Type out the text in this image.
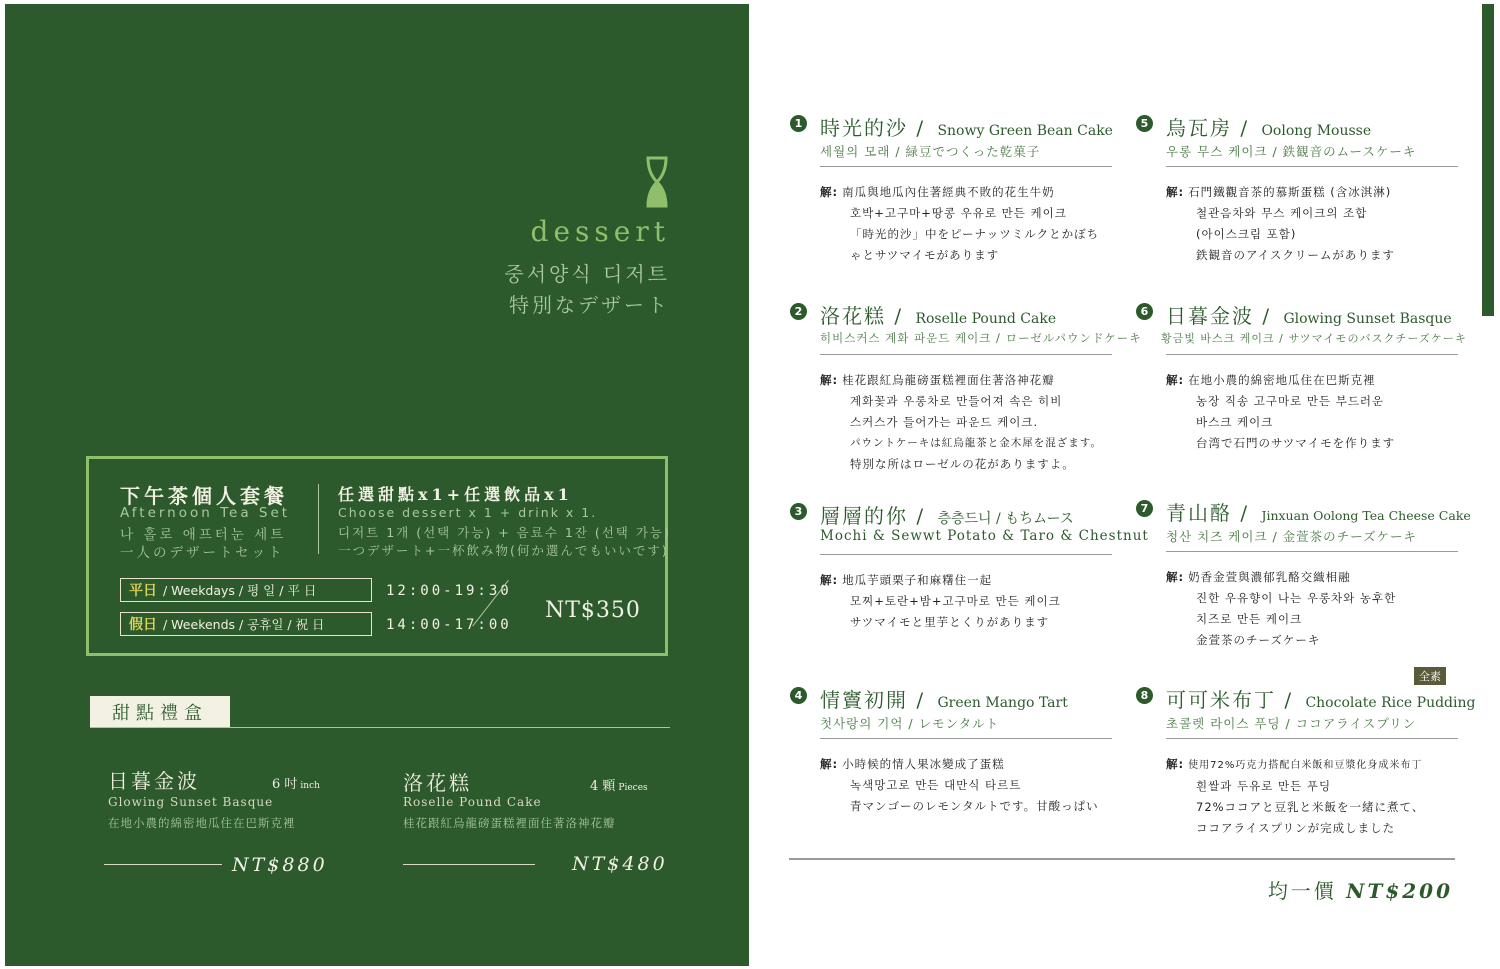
dessert
중서양식 디저트
特別なデザート
下午茶個人套餐
Afternoon Tea Set
나 홀로 애프터눈 세트
一人のデザートセット
任選甜點x1+任選飲品x1
Choose dessert x 1 + drink x 1.
디저트 1개 (선택 가능) + 음료수 1잔 (선택 가능)
一つデザート+一杯飲み物(何か選んでもいいです)
平日 / Weekdays / 평 일 / 平 日	12:00-19:30
假日 / Weekends / 공휴일 / 祝 日	14:00-17:00
NT$350
甜點禮盒
日暮金波	6 吋 inch
Glowing Sunset Basque
在地小農的綿密地瓜住在巴斯克裡
NT$880
洛花糕	4 顆 Pieces
Roselle Pound Cake
桂花跟紅烏龍磅蛋糕裡面住著洛神花瓣
NT$480
1 時光的沙 / Snowy Green Bean Cake
세월의 모래 / 緑豆でつくった乾菓子
解: 南瓜與地瓜內住著經典不敗的花生牛奶
호박+고구마+땅콩 우유로 만든 케이크
「時光的沙」中をピーナッツミルクとかぼち
ゃとサツマイモがあります
2 洛花糕 / Roselle Pound Cake
히비스커스 계화 파운드 케이크 / ローゼルパウンドケーキ
解: 桂花跟紅烏龍磅蛋糕裡面住著洛神花瓣
계화꽃과 우롱차로 만들어져 속은 히비
스커스가 들어가는 파운드 케이크.
パウントケーキは紅烏龍茶と金木犀を混ざます。
特別な所はローゼルの花がありますよ。
3 層層的你 / 층층드니 / もちムース
Mochi & Sewwt Potato & Taro & Chestnut
解: 地瓜芋頭栗子和麻糬住一起
모찌+토란+밤+고구마로 만든 케이크
サツマイモと里芋とくりがあります
4 情竇初開 / Green Mango Tart
첫사랑의 기억 / レモンタルト
解: 小時候的情人果冰變成了蛋糕
녹색망고로 만든 대만식 타르트
青マンゴーのレモンタルトです。甘酸っぱい
5 烏瓦房 / Oolong Mousse
우롱 무스 케이크 / 鉄観音のムースケーキ
解: 石門鐵觀音茶的慕斯蛋糕 (含冰淇淋)
철관음차와 무스 케이크의 조합
(아이스크림 포함)
鉄観音のアイスクリームがあります
6 日暮金波 / Glowing Sunset Basque
황금빛 바스크 케이크 / サツマイモのバスクチーズケーキ
解: 在地小農的綿密地瓜住在巴斯克裡
농장 직송 고구마로 만든 부드러운
바스크 케이크
台湾で石門のサツマイモを作ります
7 青山酪 / Jinxuan Oolong Tea Cheese Cake
청산 치즈 케이크 / 金萱茶のチーズケーキ
解: 奶香金萱與濃郁乳酪交織相融
진한 우유향이 나는 우롱차와 농후한
치즈로 만든 케이크
金萱茶のチーズケーキ
全素
8 可可米布丁 / Chocolate Rice Pudding
초콜렛 라이스 푸딩 / ココアライスプリン
解: 使用72%巧克力搭配白米飯和豆漿化身成米布丁
흰쌀과 두유로 만든 푸딩
72%ココアと豆乳と米飯を一緒に煮て、
ココアライスプリンが完成しました
均一價 NT$200
